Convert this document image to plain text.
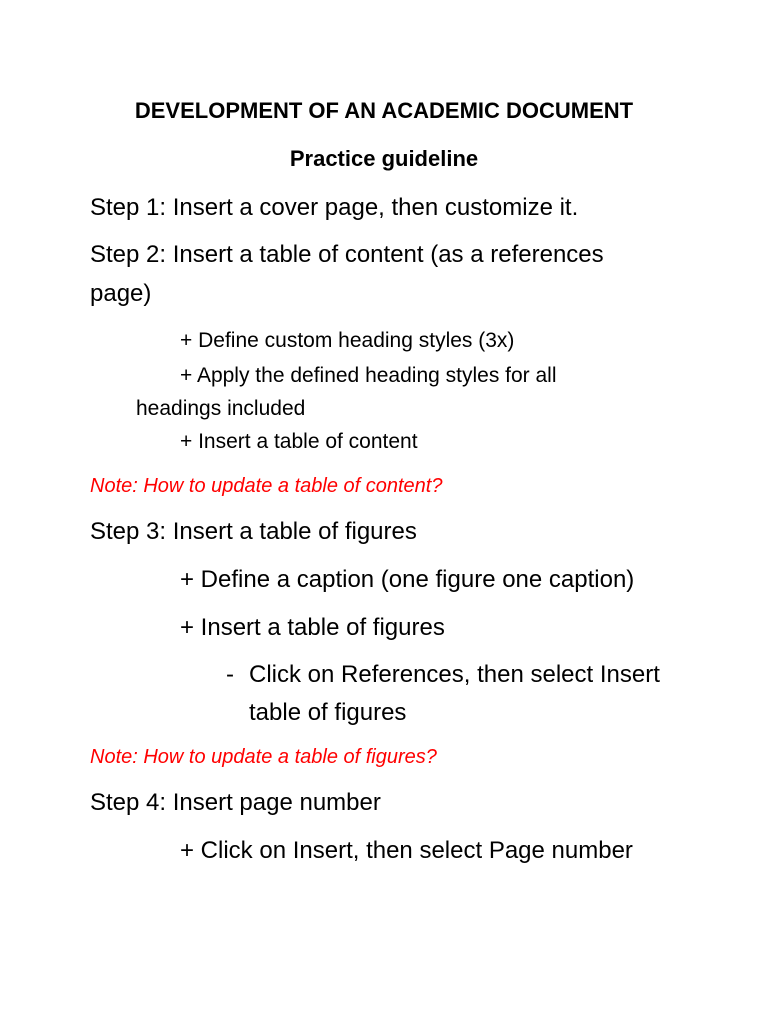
DEVELOPMENT OF AN ACADEMIC DOCUMENT
Practice guideline
Step 1: Insert a cover page, then customize it.
Step 2: Insert a table of content (as a references
page)
+ Define custom heading styles (3x)
+ Apply the defined heading styles for all
headings included
+ Insert a table of content
Note: How to update a table of content?
Step 3: Insert a table of figures
+ Define a caption (one figure one caption)
+ Insert a table of figures
- Click on References, then select Insert
table of figures
Note: How to update a table of figures?
Step 4: Insert page number
+ Click on Insert, then select Page number
